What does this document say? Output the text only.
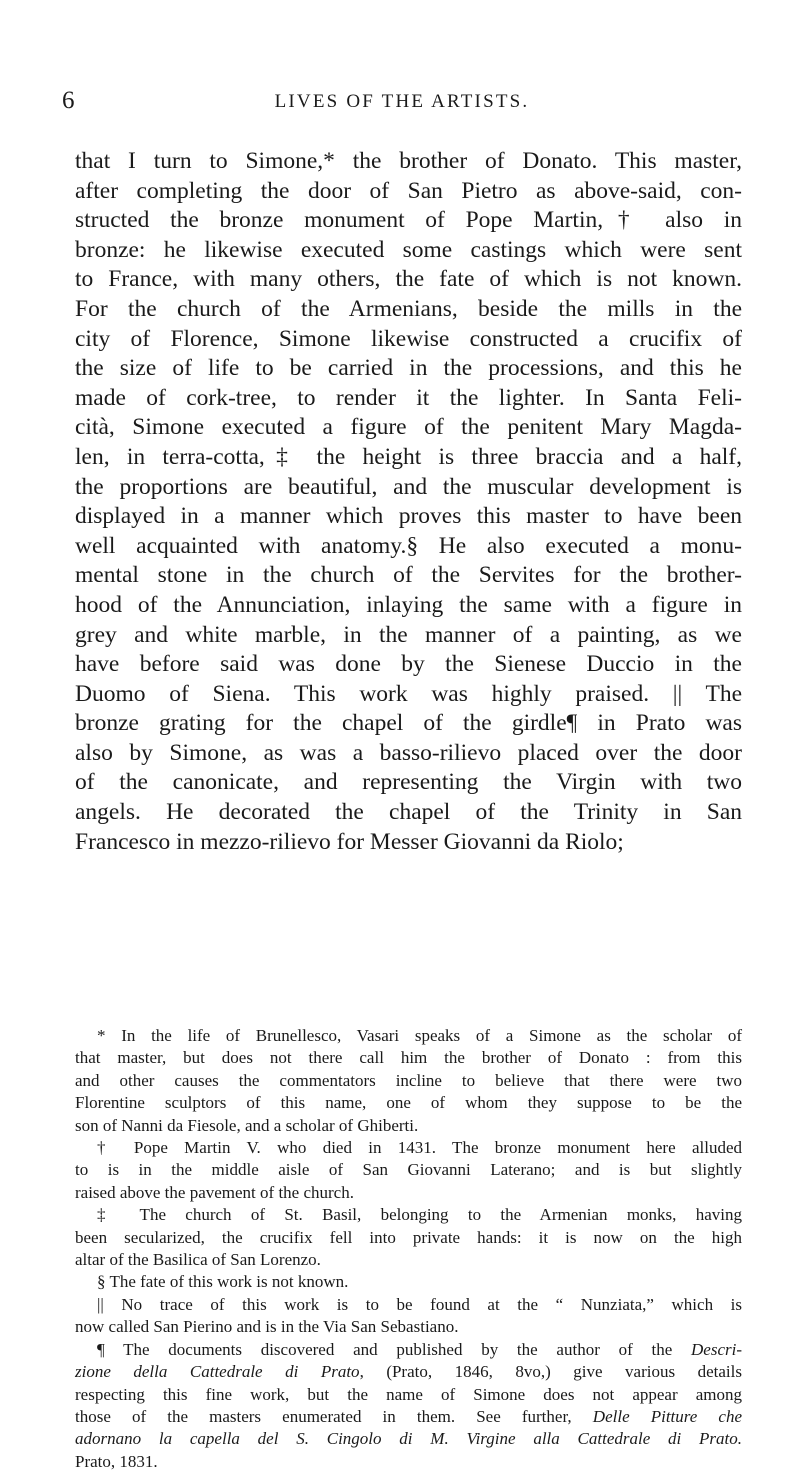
6	LIVES OF THE ARTISTS.
that I turn to Simone,* the brother of Donato. This master,
after completing the door of San Pietro as above-said, con-
structed the bronze monument of Pope Martin,† also in
bronze: he likewise executed some castings which were sent
to France, with many others, the fate of which is not known.
For the church of the Armenians, beside the mills in the
city of Florence, Simone likewise constructed a crucifix of
the size of life to be carried in the processions, and this he
made of cork-tree, to render it the lighter. In Santa Feli-
cità, Simone executed a figure of the penitent Mary Magda-
len, in terra-cotta,‡ the height is three braccia and a half,
the proportions are beautiful, and the muscular development is
displayed in a manner which proves this master to have been
well acquainted with anatomy.§ He also executed a monu-
mental stone in the church of the Servites for the brother-
hood of the Annunciation, inlaying the same with a figure in
grey and white marble, in the manner of a painting, as we
have before said was done by the Sienese Duccio in the
Duomo of Siena. This work was highly praised. || The
bronze grating for the chapel of the girdle¶ in Prato was
also by Simone, as was a basso-rilievo placed over the door
of the canonicate, and representing the Virgin with two
angels. He decorated the chapel of the Trinity in San
Francesco in mezzo-rilievo for Messer Giovanni da Riolo;
* In the life of Brunellesco, Vasari speaks of a Simone as the scholar of
that master, but does not there call him the brother of Donato : from this
and other causes the commentators incline to believe that there were two
Florentine sculptors of this name, one of whom they suppose to be the
son of Nanni da Fiesole, and a scholar of Ghiberti.
† Pope Martin V. who died in 1431. The bronze monument here alluded
to is in the middle aisle of San Giovanni Laterano; and is but slightly
raised above the pavement of the church.
‡ The church of St. Basil, belonging to the Armenian monks, having
been secularized, the crucifix fell into private hands: it is now on the high
altar of the Basilica of San Lorenzo.
§ The fate of this work is not known.
|| No trace of this work is to be found at the “ Nunziata,” which is
now called San Pierino and is in the Via San Sebastiano.
¶ The documents discovered and published by the author of the Descri-
zione della Cattedrale di Prato, (Prato, 1846, 8vo,) give various details
respecting this fine work, but the name of Simone does not appear among
those of the masters enumerated in them. See further, Delle Pitture che
adornano la capella del S. Cingolo di M. Virgine alla Cattedrale di Prato.
Prato, 1831.
